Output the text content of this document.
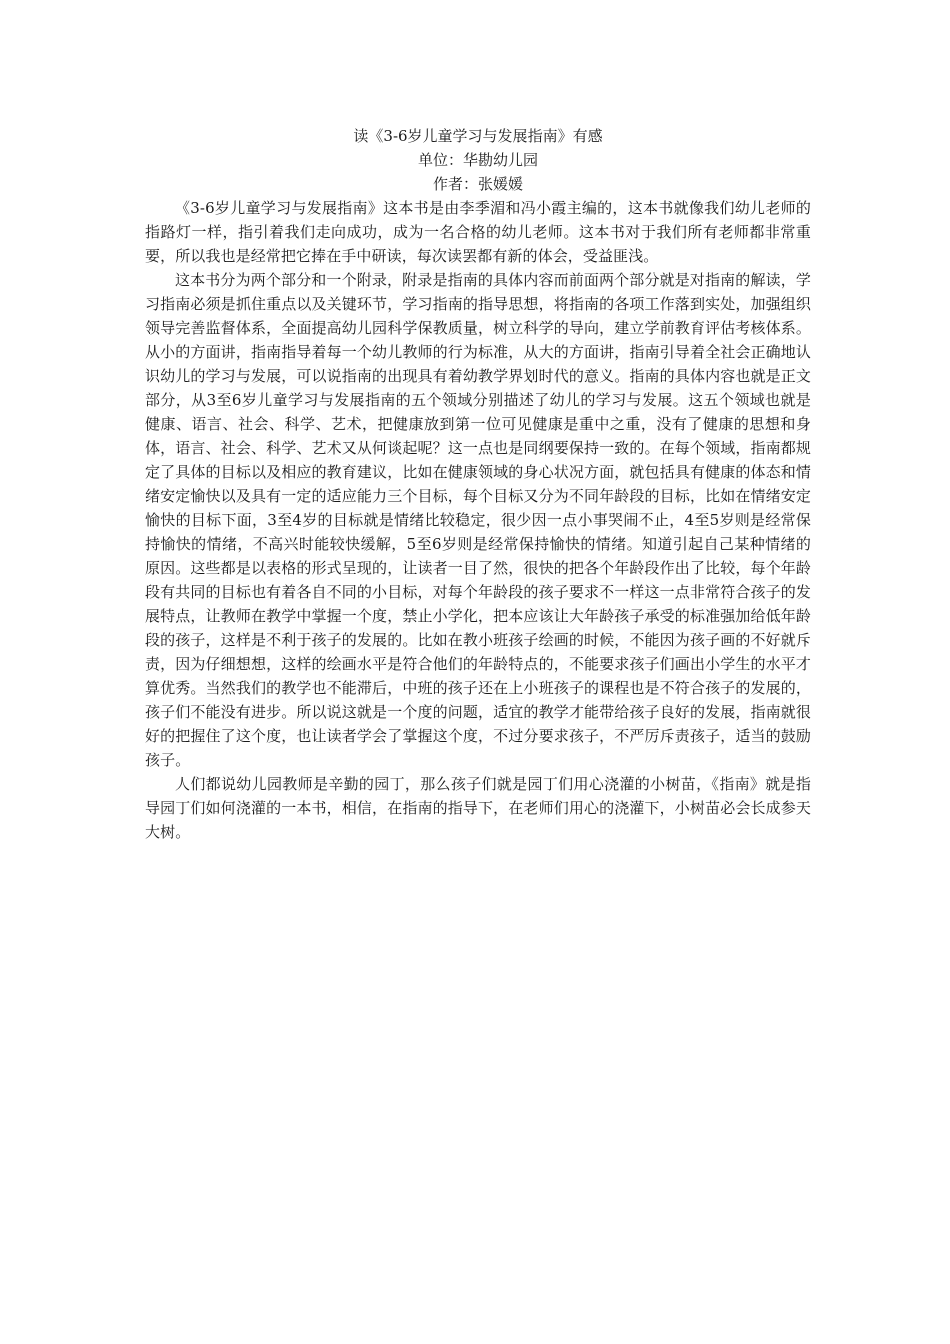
读《3-6岁儿童学习与发展指南》有感
单位：华勘幼儿园
作者：张媛媛

《3-6岁儿童学习与发展指南》这本书是由李季湄和冯小霞主编的，这本书就像我们幼儿老师的指路灯一样，指引着我们走向成功，成为一名合格的幼儿老师。这本书对于我们所有老师都非常重要，所以我也是经常把它捧在手中研读，每次读罢都有新的体会，受益匪浅。

这本书分为两个部分和一个附录，附录是指南的具体内容而前面两个部分就是对指南的解读，学习指南必须是抓住重点以及关键环节，学习指南的指导思想，将指南的各项工作落到实处，加强组织领导完善监督体系，全面提高幼儿园科学保教质量，树立科学的导向，建立学前教育评估考核体系。从小的方面讲，指南指导着每一个幼儿教师的行为标准，从大的方面讲，指南引导着全社会正确地认识幼儿的学习与发展，可以说指南的出现具有着幼教学界划时代的意义。指南的具体内容也就是正文部分，从3至6岁儿童学习与发展指南的五个领域分别描述了幼儿的学习与发展。这五个领域也就是健康、语言、社会、科学、艺术，把健康放到第一位可见健康是重中之重，没有了健康的思想和身体，语言、社会、科学、艺术又从何谈起呢？这一点也是同纲要保持一致的。在每个领域，指南都规定了具体的目标以及相应的教育建议，比如在健康领域的身心状况方面，就包括具有健康的体态和情绪安定愉快以及具有一定的适应能力三个目标，每个目标又分为不同年龄段的目标，比如在情绪安定愉快的目标下面，3至4岁的目标就是情绪比较稳定，很少因一点小事哭闹不止，4至5岁则是经常保持愉快的情绪，不高兴时能较快缓解，5至6岁则是经常保持愉快的情绪。知道引起自己某种情绪的原因。这些都是以表格的形式呈现的，让读者一目了然，很快的把各个年龄段作出了比较，每个年龄段有共同的目标也有着各自不同的小目标，对每个年龄段的孩子要求不一样这一点非常符合孩子的发展特点，让教师在教学中掌握一个度，禁止小学化，把本应该让大年龄孩子承受的标准强加给低年龄段的孩子，这样是不利于孩子的发展的。比如在教小班孩子绘画的时候，不能因为孩子画的不好就斥责，因为仔细想想，这样的绘画水平是符合他们的年龄特点的，不能要求孩子们画出小学生的水平才算优秀。当然我们的教学也不能滞后，中班的孩子还在上小班孩子的课程也是不符合孩子的发展的，孩子们不能没有进步。所以说这就是一个度的问题，适宜的教学才能带给孩子良好的发展，指南就很好的把握住了这个度，也让读者学会了掌握这个度，不过分要求孩子，不严厉斥责孩子，适当的鼓励孩子。

人们都说幼儿园教师是辛勤的园丁，那么孩子们就是园丁们用心浇灌的小树苗，《指南》就是指导园丁们如何浇灌的一本书，相信，在指南的指导下，在老师们用心的浇灌下，小树苗必会长成参天大树。
